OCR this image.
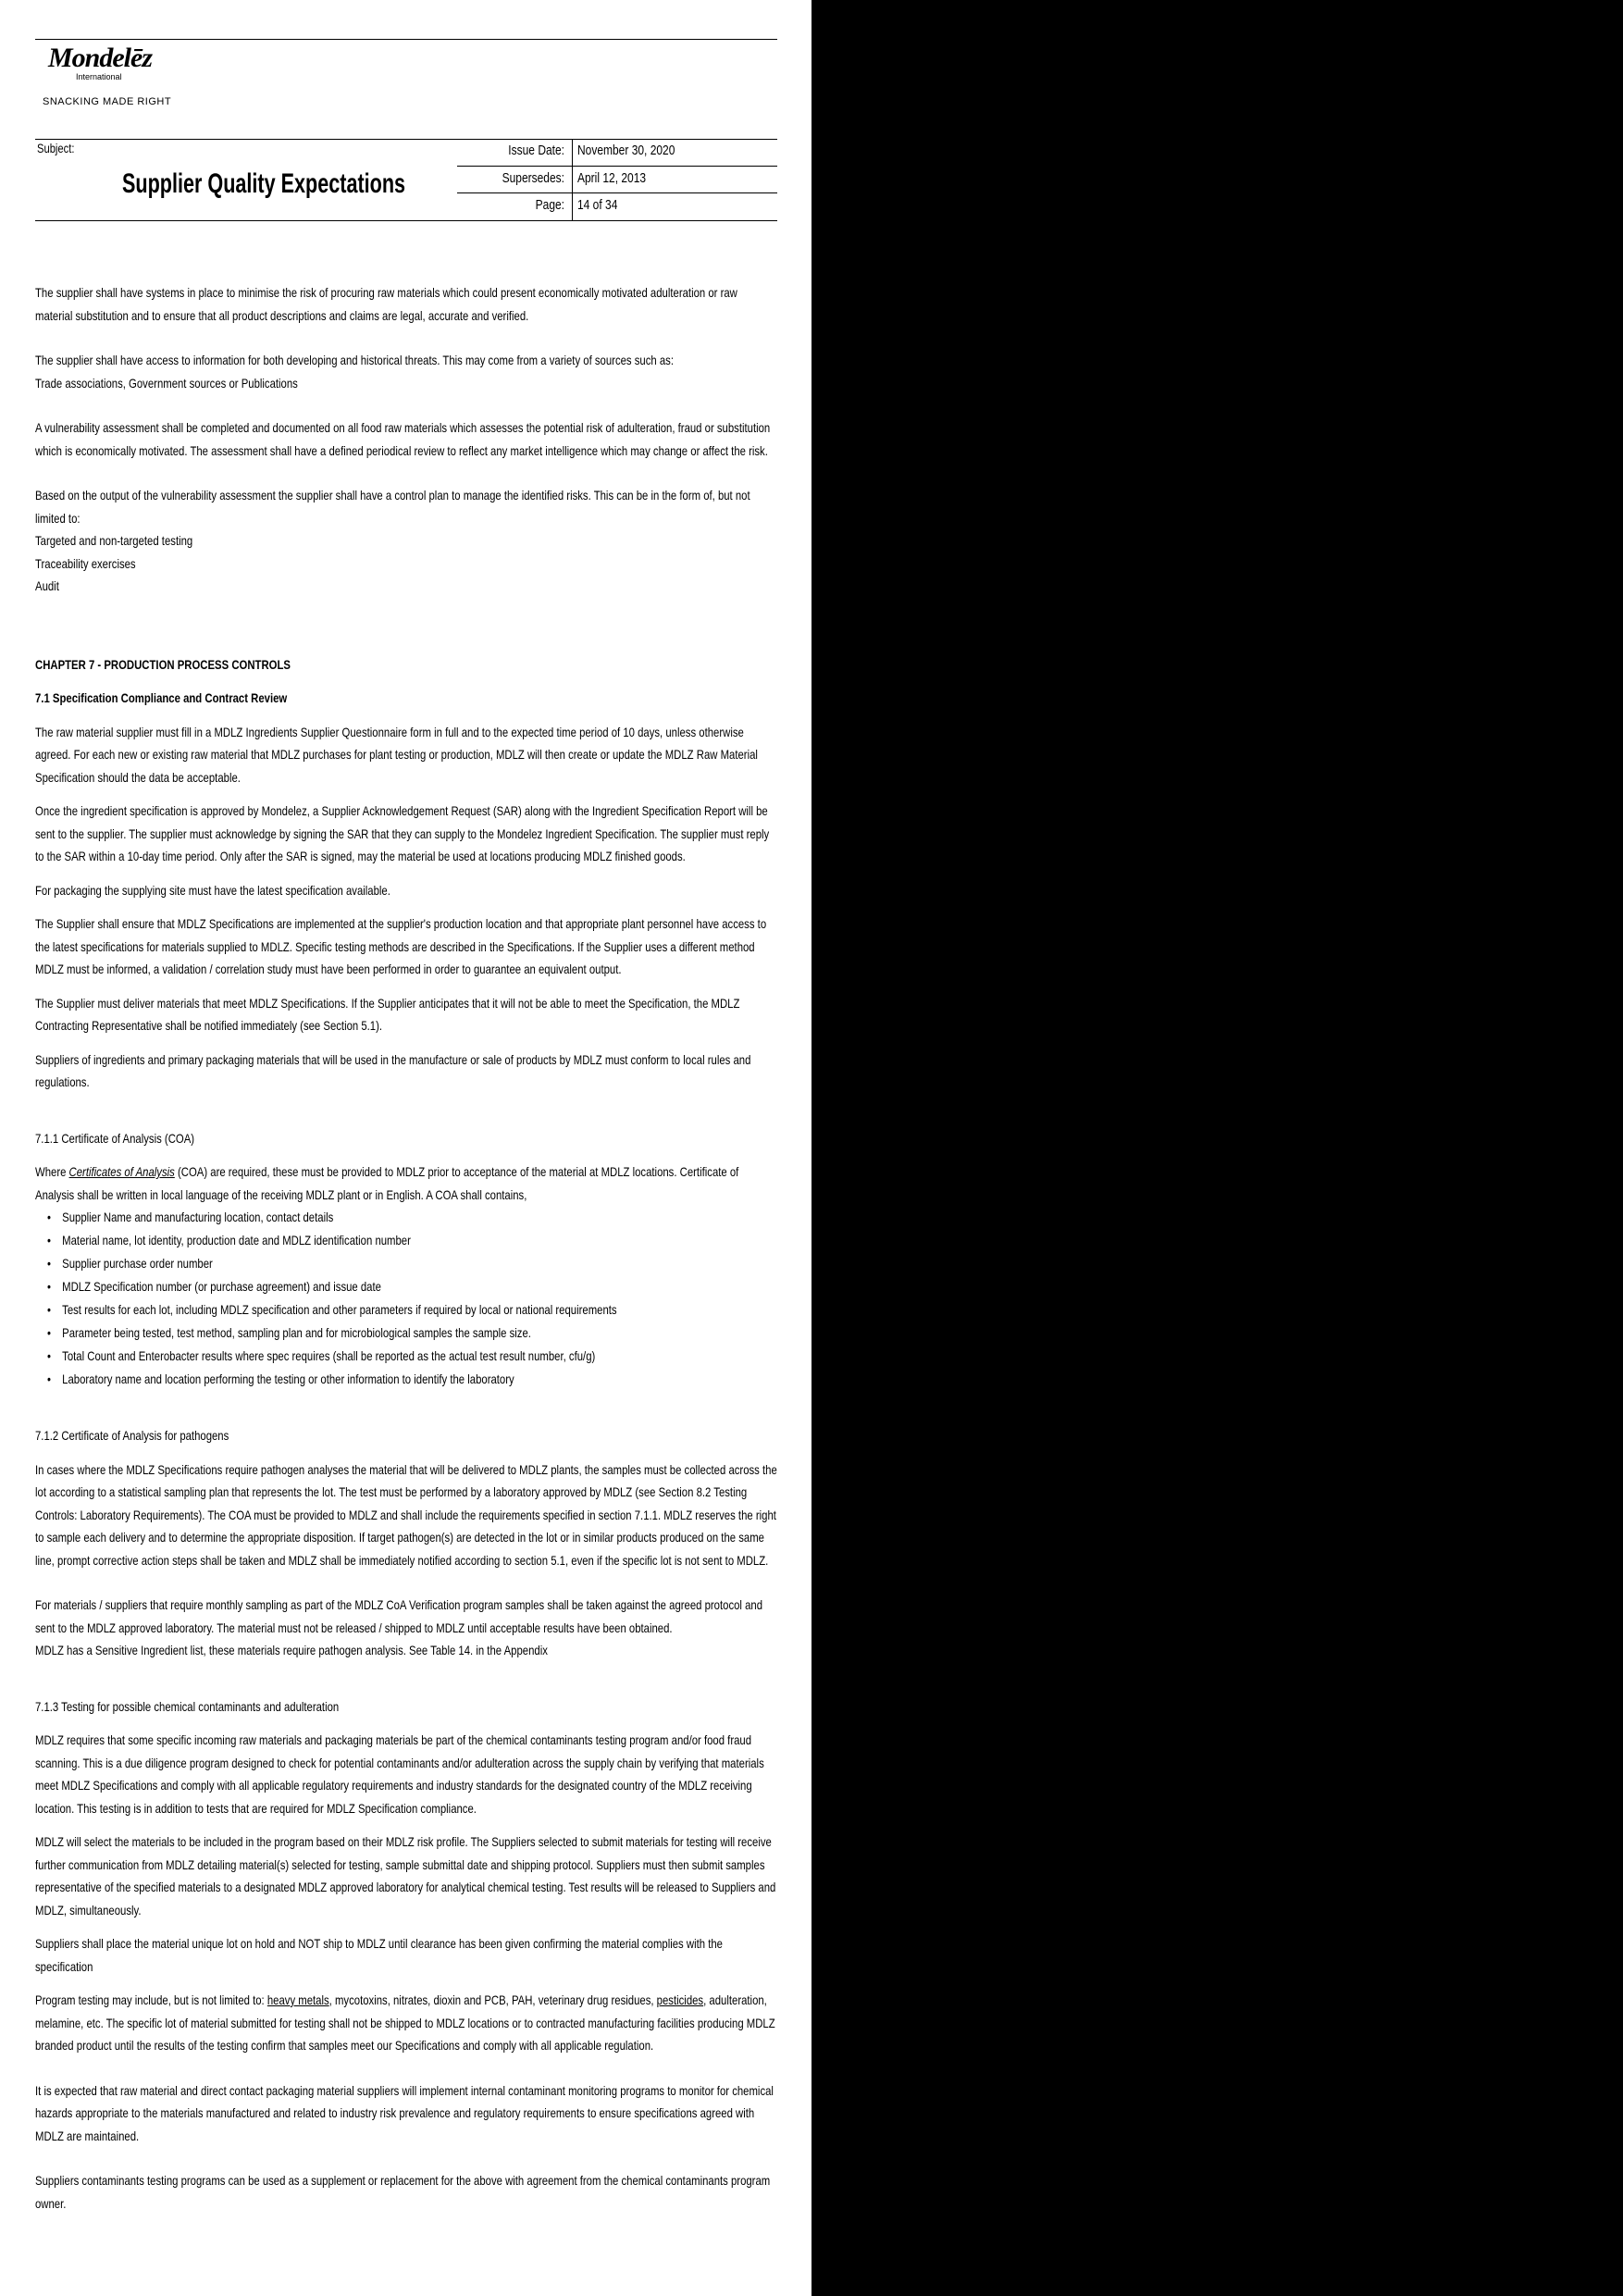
Mondelēz
International
SNACKING MADE RIGHT
Subject:
Supplier Quality Expectations
Issue Date: November 30, 2020
Supersedes: April 12, 2013
Page: 14 of 34

The supplier shall have systems in place to minimise the risk of procuring raw materials which could present economically motivated adulteration or raw material substitution and to ensure that all product descriptions and claims are legal, accurate and verified.

The supplier shall have access to information for both developing and historical threats. This may come from a variety of sources such as:

Trade associations, Government sources or Publications

A vulnerability assessment shall be completed and documented on all food raw materials which assesses the potential risk of adulteration, fraud or substitution which is economically motivated. The assessment shall have a defined periodical review to reflect any market intelligence which may change or affect the risk.

Based on the output of the vulnerability assessment the supplier shall have a control plan to manage the identified risks. This can be in the form of, but not limited to:

Targeted and non-targeted testing

Traceability exercises

Audit

CHAPTER 7 - PRODUCTION PROCESS CONTROLS

7.1 Specification Compliance and Contract Review

The raw material supplier must fill in a MDLZ Ingredients Supplier Questionnaire form in full and to the expected time period of 10 days, unless otherwise agreed. For each new or existing raw material that MDLZ purchases for plant testing or production, MDLZ will then create or update the MDLZ Raw Material Specification should the data be acceptable.

Once the ingredient specification is approved by Mondelez, a Supplier Acknowledgement Request (SAR) along with the Ingredient Specification Report will be sent to the supplier. The supplier must acknowledge by signing the SAR that they can supply to the Mondelez Ingredient Specification. The supplier must reply to the SAR within a 10-day time period. Only after the SAR is signed, may the material be used at locations producing MDLZ finished goods.

For packaging the supplying site must have the latest specification available.

The Supplier shall ensure that MDLZ Specifications are implemented at the supplier's production location and that appropriate plant personnel have access to the latest specifications for materials supplied to MDLZ. Specific testing methods are described in the Specifications. If the Supplier uses a different method MDLZ must be informed, a validation / correlation study must have been performed in order to guarantee an equivalent output.

The Supplier must deliver materials that meet MDLZ Specifications. If the Supplier anticipates that it will not be able to meet the Specification, the MDLZ Contracting Representative shall be notified immediately (see Section 5.1).

Suppliers of ingredients and primary packaging materials that will be used in the manufacture or sale of products by MDLZ must conform to local rules and regulations.

7.1.1 Certificate of Analysis (COA)

Where Certificates of Analysis (COA) are required, these must be provided to MDLZ prior to acceptance of the material at MDLZ locations. Certificate of Analysis shall be written in local language of the receiving MDLZ plant or in English. A COA shall contains,

• Supplier Name and manufacturing location, contact details
• Material name, lot identity, production date and MDLZ identification number
• Supplier purchase order number
• MDLZ Specification number (or purchase agreement) and issue date
• Test results for each lot, including MDLZ specification and other parameters if required by local or national requirements
• Parameter being tested, test method, sampling plan and for microbiological samples the sample size.
• Total Count and Enterobacter results where spec requires (shall be reported as the actual test result number, cfu/g)
• Laboratory name and location performing the testing or other information to identify the laboratory

7.1.2 Certificate of Analysis for pathogens

In cases where the MDLZ Specifications require pathogen analyses the material that will be delivered to MDLZ plants, the samples must be collected across the lot according to a statistical sampling plan that represents the lot. The test must be performed by a laboratory approved by MDLZ (see Section 8.2 Testing Controls: Laboratory Requirements). The COA must be provided to MDLZ and shall include the requirements specified in section 7.1.1. MDLZ reserves the right to sample each delivery and to determine the appropriate disposition. If target pathogen(s) are detected in the lot or in similar products produced on the same line, prompt corrective action steps shall be taken and MDLZ shall be immediately notified according to section 5.1, even if the specific lot is not sent to MDLZ.

For materials / suppliers that require monthly sampling as part of the MDLZ CoA Verification program samples shall be taken against the agreed protocol and sent to the MDLZ approved laboratory. The material must not be released / shipped to MDLZ until acceptable results have been obtained.

MDLZ has a Sensitive Ingredient list, these materials require pathogen analysis. See Table 14. in the Appendix

7.1.3 Testing for possible chemical contaminants and adulteration

MDLZ requires that some specific incoming raw materials and packaging materials be part of the chemical contaminants testing program and/or food fraud scanning. This is a due diligence program designed to check for potential contaminants and/or adulteration across the supply chain by verifying that materials meet MDLZ Specifications and comply with all applicable regulatory requirements and industry standards for the designated country of the MDLZ receiving location. This testing is in addition to tests that are required for MDLZ Specification compliance.

MDLZ will select the materials to be included in the program based on their MDLZ risk profile. The Suppliers selected to submit materials for testing will receive further communication from MDLZ detailing material(s) selected for testing, sample submittal date and shipping protocol. Suppliers must then submit samples representative of the specified materials to a designated MDLZ approved laboratory for analytical chemical testing. Test results will be released to Suppliers and MDLZ, simultaneously.

Suppliers shall place the material unique lot on hold and NOT ship to MDLZ until clearance has been given confirming the material complies with the specification

Program testing may include, but is not limited to: heavy metals, mycotoxins, nitrates, dioxin and PCB, PAH, veterinary drug residues, pesticides, adulteration, melamine, etc. The specific lot of material submitted for testing shall not be shipped to MDLZ locations or to contracted manufacturing facilities producing MDLZ branded product until the results of the testing confirm that samples meet our Specifications and comply with all applicable regulation.

It is expected that raw material and direct contact packaging material suppliers will implement internal contaminant monitoring programs to monitor for chemical hazards appropriate to the materials manufactured and related to industry risk prevalence and regulatory requirements to ensure specifications agreed with MDLZ are maintained.

Suppliers contaminants testing programs can be used as a supplement or replacement for the above with agreement from the chemical contaminants program owner.
